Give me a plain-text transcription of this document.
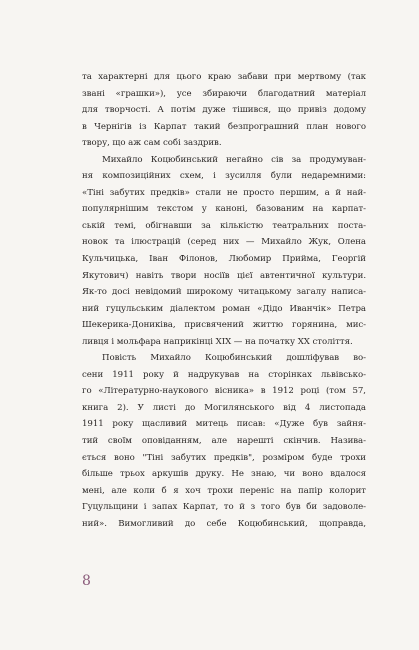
та характерні для цього краю забави при мертвому (так
звані «грашки»), усе збираючи благодатний матеріал
для творчості. А потім дуже тішився, що привіз додому
в Чернігів із Карпат такий безпрограшний план нового
твору, що аж сам собі заздрив.
Михайло Коцюбинський негайно сів за продумуван-
ня композиційних схем, і зусилля були недаремними:
«Тіні забутих предків» стали не просто першим, а й най-
популярнішим текстом у каноні, базованим на карпат-
ській темі, обігнавши за кількістю театральних постa-
новок та ілюстрацій (серед них — Михайло Жук, Олена
Кульчицька, Іван Філонов, Любомир Прийма, Георгій
Якутович) навіть твори носіїв цієї автентичної культури.
Як-то досі невідомий широкому читацькому загалу написа-
ний гуцульським діалектом роман «Дідо Иванчік» Петра
Шекерика-Дониківа, присвячений життю горянина, мис-
ливця і мольфара наприкінці XIX — на початку XX століття.
Повість Михайло Коцюбинський дошліфував во-
сени 1911 року й надрукував на сторінках львівсько-
го «Літературно-наукового вісника» в 1912 році (том 57,
книга 2). У листі до Могилянського від 4 листопада
1911 року щасливий митець писав: «Дуже був зайня-
тий своїм оповіданням, але нарешті скінчив. Назива-
ється воно "Тіні забутих предків", розміром буде трохи
більше трьох аркушів друку. Не знаю, чи воно вдалося
мені, але коли б я хоч трохи переніс на папір колорит
Гуцульщини і запах Карпат, то й з того був би задоволе-
ний». Вимогливий до себе Коцюбинський, щоправда,
8
